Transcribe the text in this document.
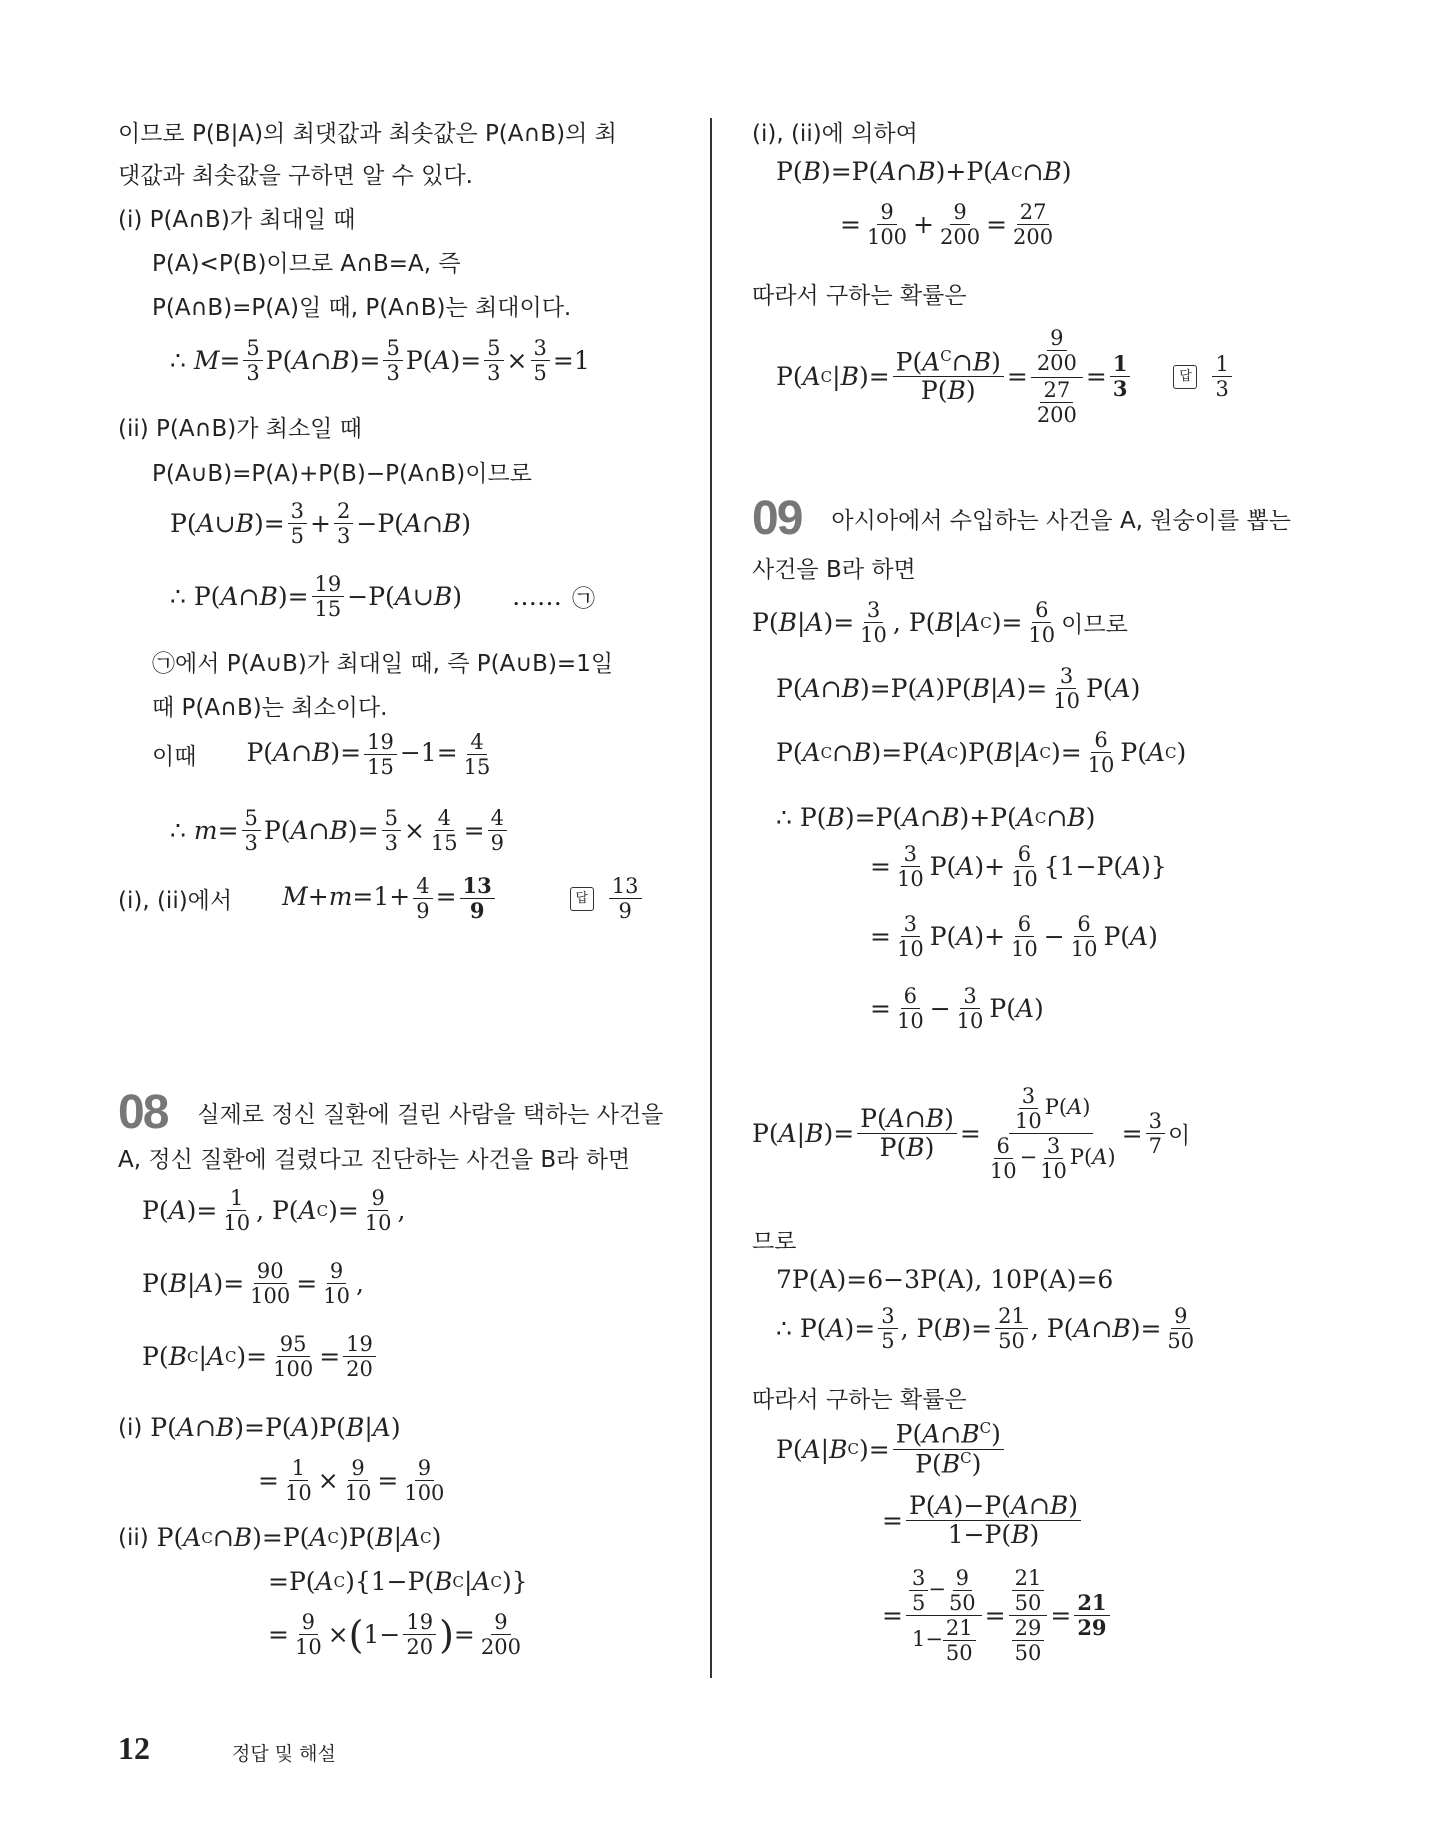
이므로 P(B|A)의 최댓값과 최솟값은 P(A∩B)의 최
댓값과 최솟값을 구하면 알 수 있다.
(i) P(A∩B)가 최대일 때
P(A)<P(B)이므로 A∩B=A, 즉
P(A∩B)=P(A)일 때, P(A∩B)는 최대이다.
∴ $M = \frac{5}{3} P$( A ∩ B )= $\frac{5}{3} P$( A )= $\frac{5}{3} \times \frac{3}{5} =1$
(ii) P(A∩B)가 최소일 때
P(A∪B)=P(A)+P(B)−P(A∩B)이므로
P( A ∪ B )= $\frac{3}{5} + \frac{2}{3} -P$( A ∩ B )
∴ P( A ∩ B )= $\frac{19}{15} -P$( A ∪ B ) …… ㉠
㉠에서 P(A∪B)가 최대일 때, 즉 P(A∪B)=1일
때 P(A∩B)는 최소이다.
이때 P(A∩B)= $\frac{19}{15} -1= \frac{4}{15}$
∴ $m = \frac{5}{3} P$( A ∩ B )= $\frac{5}{3} \times \frac{4}{15} = \frac{4}{9}$
(i), (ii)에서 $M+m=1+ \frac{4}{9} = \frac{13}{9}$	답 $\frac{13}{9}$
08 실제로 정신 질환에 걸린 사람을 택하는 사건을
A, 정신 질환에 걸렸다고 진단하는 사건을 B라 하면
P( A )= $\frac{1}{10}$ , P( A C )= $\frac{9}{10}$ ,
P( B | A )= $\frac{90}{100} = \frac{9}{10}$ ,
P( B C | A C )= $\frac{95}{100} = \frac{19}{20}$
(i) P( A ∩ B )=P( A )P( B | A )
= $\frac{1}{10} \times \frac{9}{10} = \frac{9}{100}$
(ii) P( A C ∩ B )=P( A C )P( B | A C )
=P( A C ){1−P( B C | A C )}
= $\frac{9}{10}$ × ( $1- \frac{19}{20}$ ) = $\frac{9}{200}$
(i), (ii)에 의하여
P( B )=P( A ∩ B )+P( A C ∩ B )
= $\frac{9}{100} + \frac{9}{200} = \frac{27}{200}$
따라서 구하는 확률은
P( A C | B )= $\frac{P(A^C\cap B)}{P(B)} = \frac{\frac{9}{200}}{\frac{27}{200}} = \frac{1}{3}$	답 $\frac{1}{3}$
09 아시아에서 수입하는 사건을 A, 원숭이를 뽑는
사건을 B라 하면
P( B | A )= $\frac{3}{10}$ , P( B | A C )= $\frac{6}{10}$ 이므로
P( A ∩ B )=P( A )P( B | A )= $\frac{3}{10} P$( A )
P( A C ∩ B )=P( A C )P( B | A C )= $\frac{6}{10} P$( A C )
∴ P( B )=P( A ∩ B )+P( A C ∩ B )
= $\frac{3}{10} P$( A )+ $\frac{6}{10} \{1-P$( A )}
= $\frac{3}{10} P$( A )+ $\frac{6}{10} - \frac{6}{10} P$( A )
= $\frac{6}{10} - \frac{3}{10} P$( A )
P( A | B )= $\frac{P(A\cap B)}{P(B)} = \frac{\frac{3}{10} P(A)}{\frac{6}{10} - \frac{3}{10} P(A)} = \frac{3}{7}$ 이
므로
7P(A)=6−3P(A), 10P(A)=6
∴ P( A )= $\frac{3}{5}$ , P( B )= $\frac{21}{50}$ , P( A ∩ B )= $\frac{9}{50}$
따라서 구하는 확률은
P( A | B C )= $\frac{P(A\cap B^C)}{P(B^C)}$
= $\frac{P(A)-P(A\cap B)}{1-P(B)}$
= $\frac{\frac{3}{5} - \frac{9}{50}}{1- \frac{21}{50}} = \frac{\frac{21}{50}}{\frac{29}{50}} = \frac{21}{29}$
12	정답 및 해설
